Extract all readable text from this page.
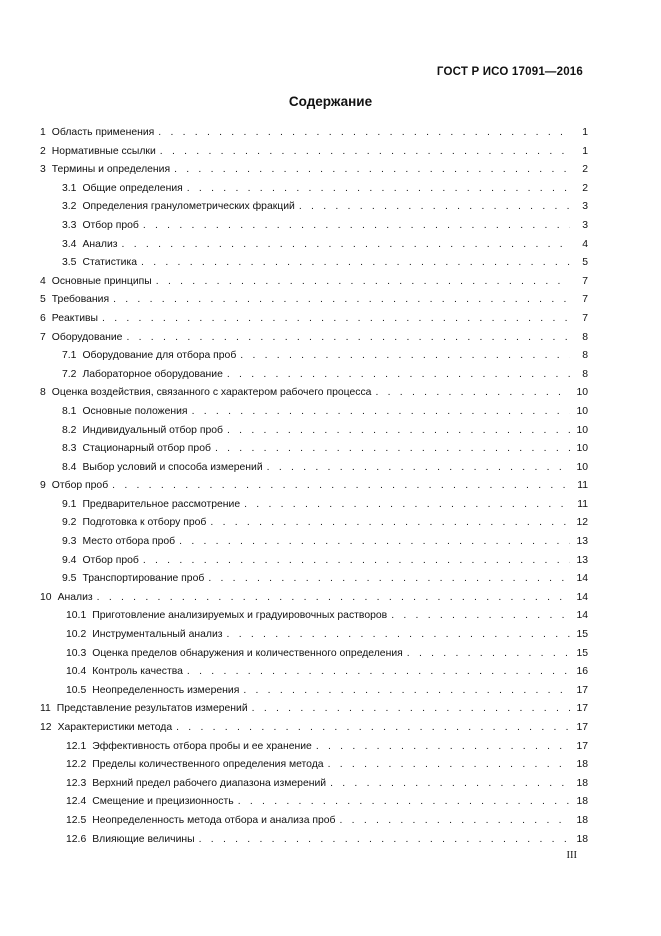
ГОСТ Р ИСО 17091—2016
Содержание
1 Область применения . . .	1
2 Нормативные ссылки . . .	1
3 Термины и определения . . .	2
3.1 Общие определения . . .	2
3.2 Определения гранулометрических фракций . . .	3
3.3 Отбор проб . . .	3
3.4 Анализ . . .	4
3.5 Статистика . . .	5
4 Основные принципы . . .	7
5 Требования . . .	7
6 Реактивы . . .	7
7 Оборудование . . .	8
7.1 Оборудование для отбора проб . . .	8
7.2 Лабораторное оборудование . . .	8
8 Оценка воздействия, связанного с характером рабочего процесса . . .	10
8.1 Основные положения . . .	10
8.2 Индивидуальный отбор проб . . .	10
8.3 Стационарный отбор проб . . .	10
8.4 Выбор условий и способа измерений . . .	10
9 Отбор проб . . .	11
9.1 Предварительное рассмотрение . . .	11
9.2 Подготовка к отбору проб . . .	12
9.3 Место отбора проб . . .	13
9.4 Отбор проб . . .	13
9.5 Транспортирование проб . . .	14
10 Анализ . . .	14
10.1 Приготовление анализируемых и градуировочных растворов . . .	14
10.2 Инструментальный анализ . . .	15
10.3 Оценка пределов обнаружения и количественного определения . . .	15
10.4 Контроль качества . . .	16
10.5 Неопределенность измерения . . .	17
11 Представление результатов измерений . . .	17
12 Характеристики метода . . .	17
12.1 Эффективность отбора пробы и ее хранение . . .	17
12.2 Пределы количественного определения метода . . .	18
12.3 Верхний предел рабочего диапазона измерений . . .	18
12.4 Смещение и прецизионность . . .	18
12.5 Неопределенность метода отбора и анализа проб . . .	18
12.6 Влияющие величины . . .	18
III
